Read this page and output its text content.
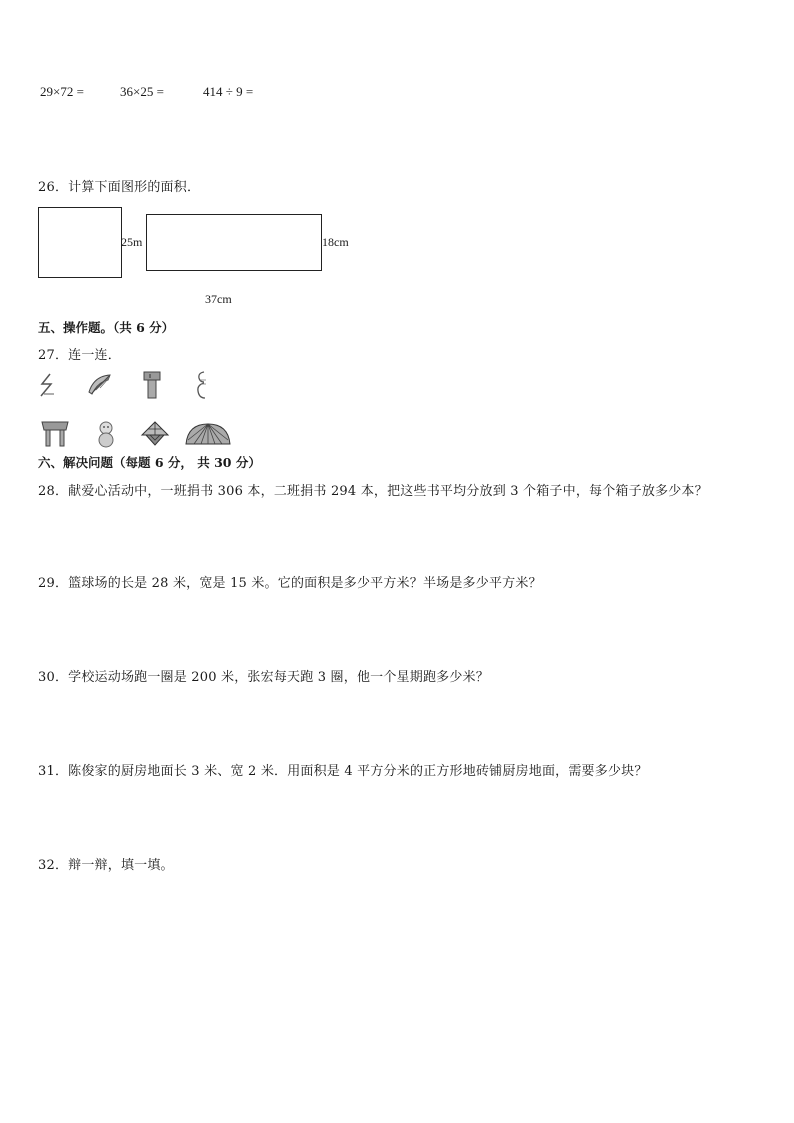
29×72 =	36×25 =	414 ÷ 9 =
26．计算下面图形的面积．
25m	18cm
37cm
五、操作题。（共 6 分）
27．连一连．
六、解决问题（每题 6 分， 共 30 分）
28．献爱心活动中，一班捐书 306 本，二班捐书 294 本，把这些书平均分放到 3 个箱子中，每个箱子放多少本？
29．篮球场的长是 28 米，宽是 15 米。它的面积是多少平方米？半场是多少平方米？
30．学校运动场跑一圈是 200 米，张宏每天跑 3 圈，他一个星期跑多少米？
31．陈俊家的厨房地面长 3 米、宽 2 米．用面积是 4 平方分米的正方形地砖铺厨房地面，需要多少块？
32．辩一辩，填一填。
